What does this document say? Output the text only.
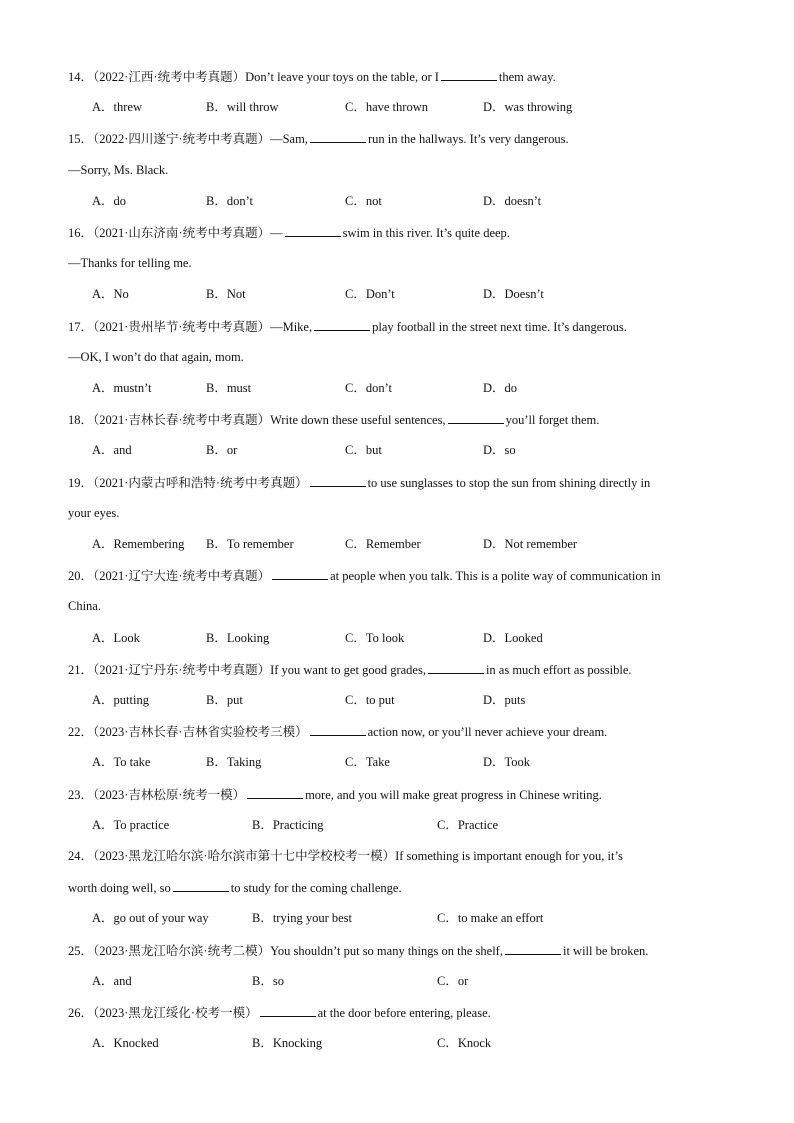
14．（2022·江西·统考中考真题）Don’t leave your toys on the table, or I	them away.
A．threw	B．will throw	C．have thrown	D．was throwing
15．（2022·四川遂宁·统考中考真题）—Sam,	run in the hallways. It’s very dangerous.
—Sorry, Ms. Black.
A．do	B．don’t	C．not	D．doesn’t
16．（2021·山东济南·统考中考真题）—	swim in this river. It’s quite deep.
—Thanks for telling me.
A．No	B．Not	C．Don’t	D．Doesn’t
17．（2021·贵州毕节·统考中考真题）—Mike,	play football in the street next time. It’s dangerous.
—OK, I won’t do that again, mom.
A．mustn’t	B．must	C．don’t	D．do
18．（2021·吉林长春·统考中考真题）Write down these useful sentences,	you’ll forget them.
A．and	B．or	C．but	D．so
19．（2021·内蒙古呼和浩特·统考中考真题）	to use sunglasses to stop the sun from shining directly in
your eyes.
A．Remembering B．To remember	C．Remember	D．Not remember
20．（2021·辽宁大连·统考中考真题）	at people when you talk. This is a polite way of communication in
China.
A．Look	B．Looking	C．To look	D．Looked
21．（2021·辽宁丹东·统考中考真题）If you want to get good grades,	in as much effort as possible.
A．putting	B．put	C．to put	D．puts
22．（2023·吉林长春·吉林省实验校考三模）	action now, or you’ll never achieve your dream.
A．To take	B．Taking	C．Take	D．Took
23．（2023·吉林松原·统考一模）	more, and you will make great progress in Chinese writing.
A．To practice	B．Practicing	C．Practice
24．（2023·黑龙江哈尔滨·哈尔滨市第十七中学校校考一模）If something is important enough for you, it’s
worth doing well, so	to study for the coming challenge.
A．go out of your way	B．trying your best	C．to make an effort
25．（2023·黑龙江哈尔滨·统考二模）You shouldn’t put so many things on the shelf,	it will be broken.
A．and	B．so	C．or
26．（2023·黑龙江绥化·校考一模）	at the door before entering, please.
A．Knocked	B．Knocking	C．Knock
